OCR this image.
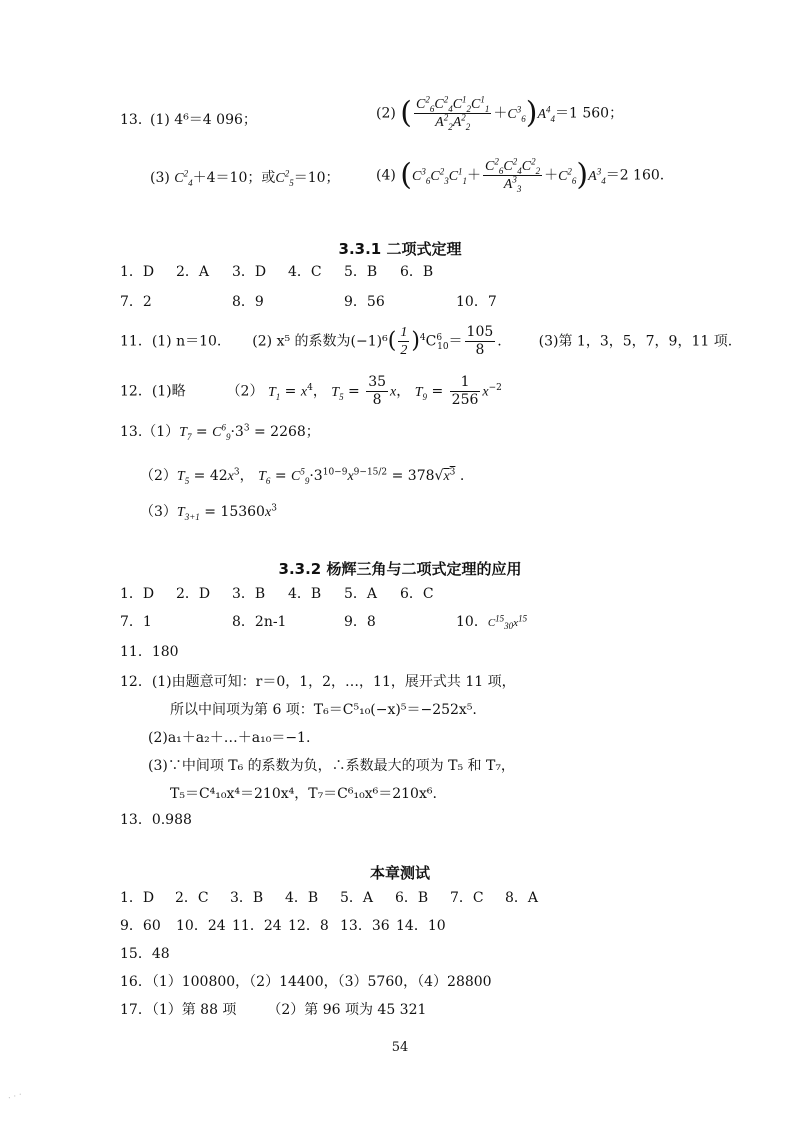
13．
(1) 4⁶＝4 096；	(2) ( $\frac{C^2_6C^2_4C^1_2C^1_1}{A^2_2A^2_2} +C^3_6)A^4_4=1$ 560；
(3) $C^2_4+4=10$；或$C^2_5=10$；	(4) $(C^3_6C^2_3C^1_1+ \frac{C^2_6C^2_4C^2_2}{A^3_3} +C^2_6)A^3_4=2$ 160.
3.3.1 二项式定理
1．D 2．A 3．D 4．C 5．B 6．B
7．2	8．9	9．56	10．7
11．(1) n＝10. (2) x⁵ 的系数为$(-1)^6( \frac{1}{2} )^4C^6_{10}= \frac{105}{8}$ .	(3)第 1，3，5，7，9，11 项.
12．(1)略	（2） $T_1 = x^4$， $T_5 = \frac{35}{8}$ x， $T_9 = \frac{1}{256} x^{-2}$
$13.(1)T_7 = C^6_9\cdot 3^3 = 2268$；
$(2)T_5 = 42x^3$， $T_6 = C^5_9\cdot 3^{10-9}x^{9-15/2} = 378√x^3$ .
$(3)T_{3+1} = 15360x^3$
3.3.2 杨辉三角与二项式定理的应用
1．D 2．D 3．B 4．B 5．A 6．C
7．1	8．2n-1	9．8	10．$C^{15}_{30}x^{15}$
11．180
12．(1)由题意可知：r＝0，1，2，…，11，展开式共 11 项，
所以中间项为第 6 项：T₆＝C⁵₁₀(−x)⁵＝−252x⁵.
(2)a₁＋a₂＋…＋a₁₀＝−1.
(3)∵中间项 T₆ 的系数为负，∴系数最大的项为 T₅ 和 T₇，
T₅＝C⁴₁₀x⁴＝210x⁴，T₇＝C⁶₁₀x⁶＝210x⁶.
13．0.988
本章测试
1．D 2．C 3．B 4．B 5．A 6．B 7．C 8．A
9．60 10．24 11．24 12．8 13．36 14．10
15．48
16．（1）100800，（2）14400，（3）5760，（4）28800
17．（1）第 88 项 （2）第 96 项为 45 321
54
· · ·
